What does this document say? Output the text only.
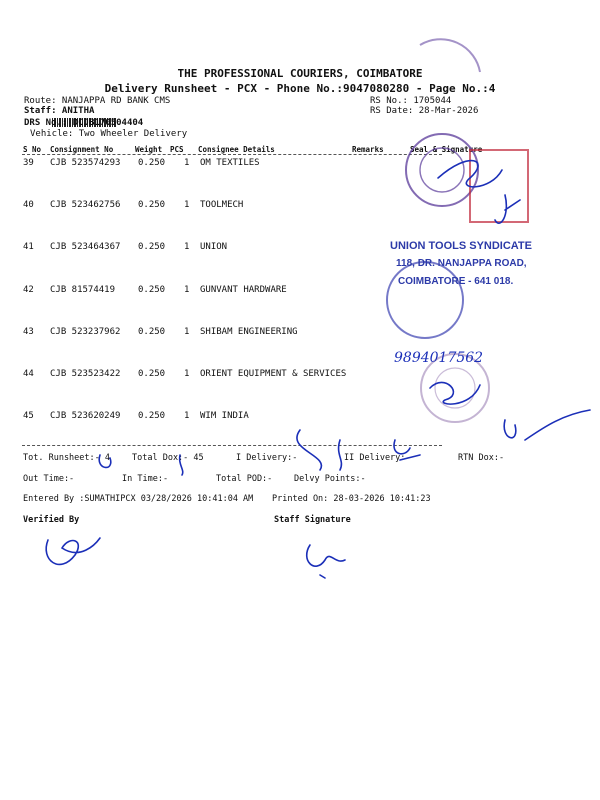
THE PROFESSIONAL COURIERS, COIMBATORE
Delivery Runsheet - PCX - Phone No.:9047080280 - Page No.:4
Route: NANJAPPA RD BANK CMS
Staff: ANITHA
DRS No.: DCJB170504404
Vehicle: Two Wheeler Delivery
RS No.: 1705044
RS Date: 28-Mar-2026
S No Consignment No	Weight PCS Consignee Details	Remarks	Seal & Signature
39 CJB 523574293 0.250 1 OM TEXTILES
40 CJB 523462756 0.250 1 TOOLMECH
41 CJB 523464367 0.250 1 UNION
42 CJB 81574419	0.250 1 GUNVANT HARDWARE
43 CJB 523237962 0.250 1 SHIBAM ENGINEERING
44 CJB 523523422 0.250 1 ORIENT EQUIPMENT & SERVICES
45 CJB 523620249 0.250 1 WIM INDIA
Tot. Runsheet:- 4	Total Dox:- 45	I Delivery:-	II Delivery:-	RTN Dox:-
Out Time:-	In Time:-	Total POD:-	Delvy Points:-
Entered By :SUMATHIPCX 03/28/2026 10:41:04 AM Printed On: 28-03-2026 10:41:23
Verified By	Staff Signature
UNION TOOLS SYNDICATE
118, DR. NANJAPPA ROAD,
COIMBATORE - 641 018.
9894017562
